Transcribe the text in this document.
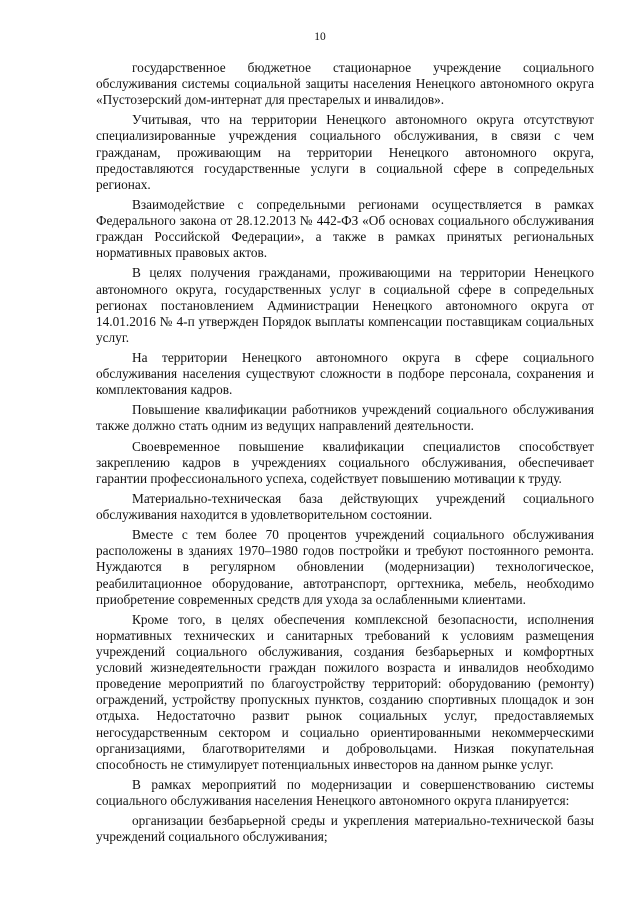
10

государственное бюджетное стационарное учреждение социального обслуживания системы социальной защиты населения Ненецкого автономного округа «Пустозерский дом-интернат для престарелых и инвалидов».

Учитывая, что на территории Ненецкого автономного округа отсутствуют специализированные учреждения социального обслуживания, в связи с чем гражданам, проживающим на территории Ненецкого автономного округа, предоставляются государственные услуги в социальной сфере в сопредельных регионах.

Взаимодействие с сопредельными регионами осуществляется в рамках Федерального закона от 28.12.2013 № 442-ФЗ «Об основах социального обслуживания граждан Российской Федерации», а также в рамках принятых региональных нормативных правовых актов.

В целях получения гражданами, проживающими на территории Ненецкого автономного округа, государственных услуг в социальной сфере в сопредельных регионах постановлением Администрации Ненецкого автономного округа от 14.01.2016 № 4-п утвержден Порядок выплаты компенсации поставщикам социальных услуг.

На территории Ненецкого автономного округа в сфере социального обслуживания населения существуют сложности в подборе персонала, сохранения и комплектования кадров.

Повышение квалификации работников учреждений социального обслуживания также должно стать одним из ведущих направлений деятельности.

Своевременное повышение квалификации специалистов способствует закреплению кадров в учреждениях социального обслуживания, обеспечивает гарантии профессионального успеха, содействует повышению мотивации к труду.

Материально-техническая база действующих учреждений социального обслуживания находится в удовлетворительном состоянии.

Вместе с тем более 70 процентов учреждений социального обслуживания расположены в зданиях 1970–1980 годов постройки и требуют постоянного ремонта. Нуждаются в регулярном обновлении (модернизации) технологическое, реабилитационное оборудование, автотранспорт, оргтехника, мебель, необходимо приобретение современных средств для ухода за ослабленными клиентами.

Кроме того, в целях обеспечения комплексной безопасности, исполнения нормативных технических и санитарных требований к условиям размещения учреждений социального обслуживания, создания безбарьерных и комфортных условий жизнедеятельности граждан пожилого возраста и инвалидов необходимо проведение мероприятий по благоустройству территорий: оборудованию (ремонту) ограждений, устройству пропускных пунктов, созданию спортивных площадок и зон отдыха. Недостаточно развит рынок социальных услуг, предоставляемых негосударственным сектором и социально ориентированными некоммерческими организациями, благотворителями и добровольцами. Низкая покупательная способность не стимулирует потенциальных инвесторов на данном рынке услуг.

В рамках мероприятий по модернизации и совершенствованию системы социального обслуживания населения Ненецкого автономного округа планируется:

организации безбарьерной среды и укрепления материально-технической базы учреждений социального обслуживания;
